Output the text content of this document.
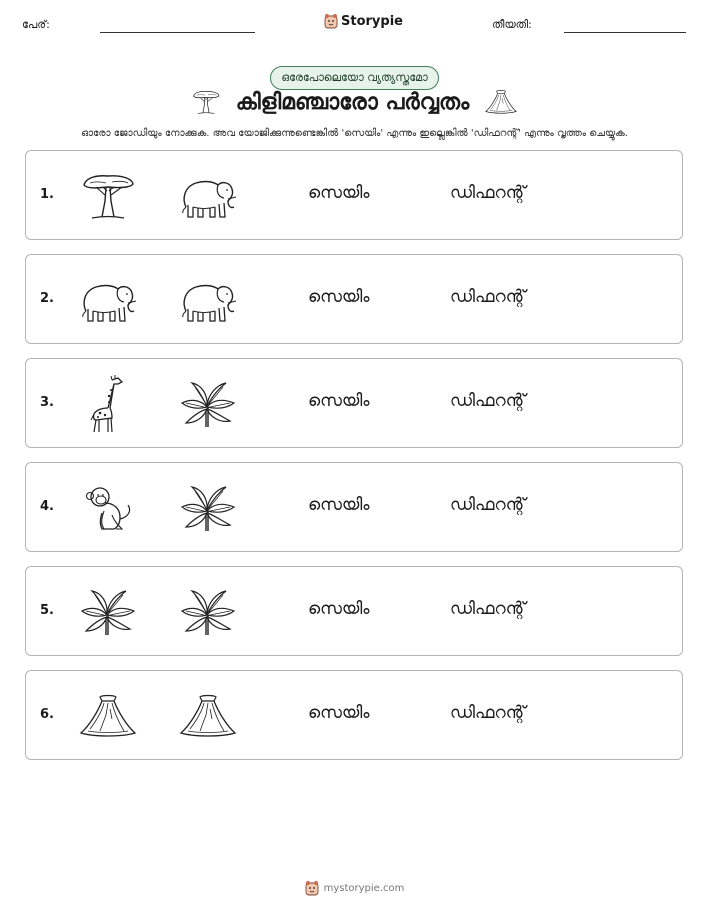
പേര്:	Storypie	തീയതി:
ഒരേപോലെയോ വ്യത്യസ്തമോ
കിളിമഞ്ചാരോ പർവ്വതം
ഓരോ ജോഡിയും നോക്കുക. അവ യോജിക്കുന്നുണ്ടെങ്കിൽ 'സെയിം' എന്നും ഇല്ലെങ്കിൽ 'ഡിഫറന്റ്' എന്നും വൃത്തം ചെയ്യുക.
1.	സെയിം	ഡിഫറന്റ്
2.	സെയിം	ഡിഫറന്റ്
3.	സെയിം	ഡിഫറന്റ്
4.	സെയിം	ഡിഫറന്റ്
5.	സെയിം	ഡിഫറന്റ്
6.	സെയിം	ഡിഫറന്റ്
mystorypie.com
